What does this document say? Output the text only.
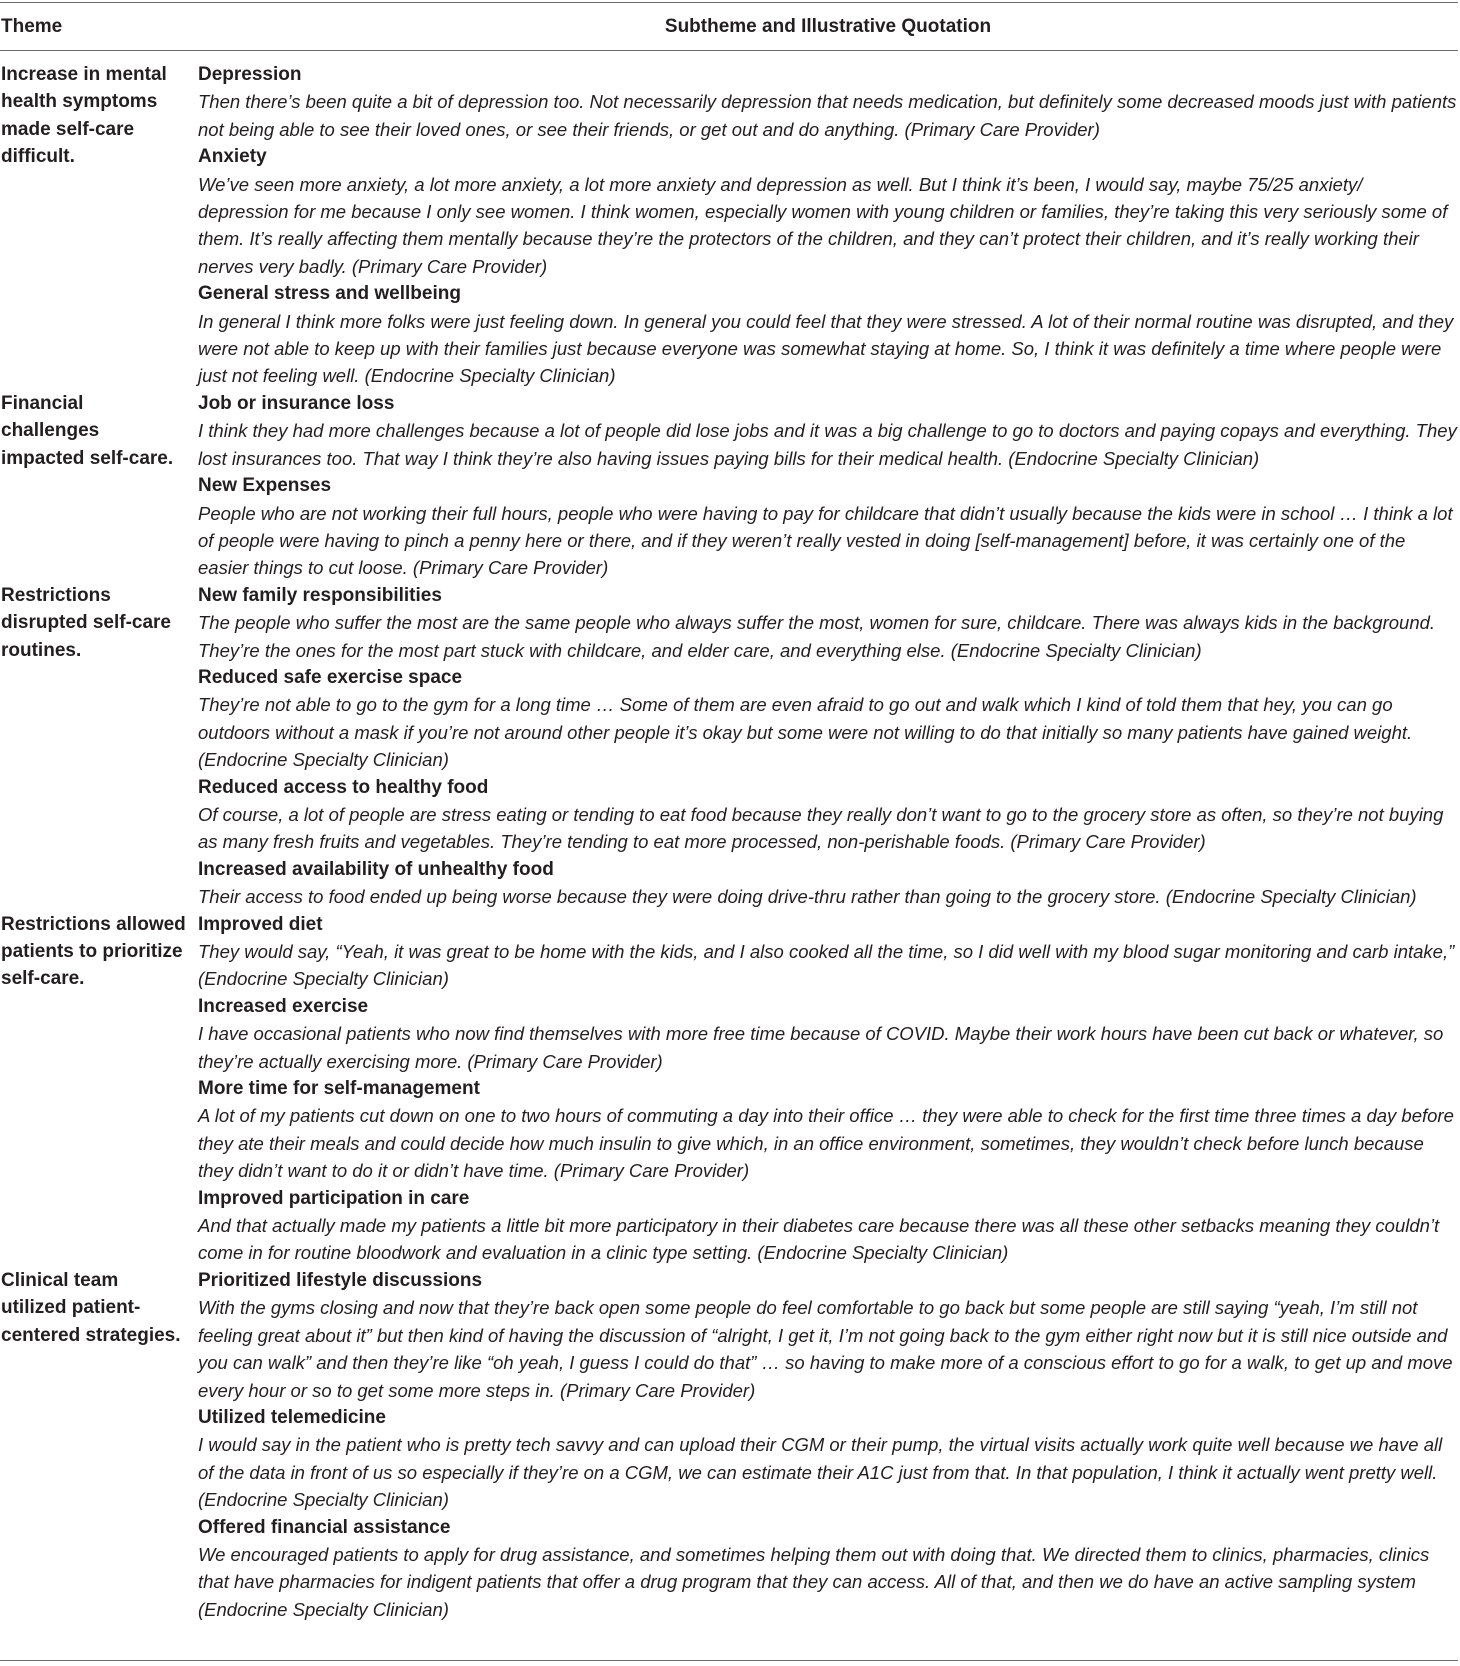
Theme	Subtheme and Illustrative Quotation
Increase in mental health symptoms made self-care difficult.
Depression
Then there’s been quite a bit of depression too. Not necessarily depression that needs medication, but definitely some decreased moods just with patients not being able to see their loved ones, or see their friends, or get out and do anything. (Primary Care Provider)
Anxiety
We’ve seen more anxiety, a lot more anxiety, a lot more anxiety and depression as well. But I think it’s been, I would say, maybe 75/25 anxiety/ depression for me because I only see women. I think women, especially women with young children or families, they’re taking this very seriously some of them. It’s really affecting them mentally because they’re the protectors of the children, and they can’t protect their children, and it’s really working their nerves very badly. (Primary Care Provider)
General stress and wellbeing
In general I think more folks were just feeling down. In general you could feel that they were stressed. A lot of their normal routine was disrupted, and they were not able to keep up with their families just because everyone was somewhat staying at home. So, I think it was definitely a time where people were just not feeling well. (Endocrine Specialty Clinician)
Financial challenges impacted self-care.
Job or insurance loss
I think they had more challenges because a lot of people did lose jobs and it was a big challenge to go to doctors and paying copays and everything. They lost insurances too. That way I think they’re also having issues paying bills for their medical health. (Endocrine Specialty Clinician)
New Expenses
People who are not working their full hours, people who were having to pay for childcare that didn’t usually because the kids were in school … I think a lot of people were having to pinch a penny here or there, and if they weren’t really vested in doing [self-management] before, it was certainly one of the easier things to cut loose. (Primary Care Provider)
Restrictions disrupted self-care routines.
New family responsibilities
The people who suffer the most are the same people who always suffer the most, women for sure, childcare. There was always kids in the background. They’re the ones for the most part stuck with childcare, and elder care, and everything else. (Endocrine Specialty Clinician)
Reduced safe exercise space
They’re not able to go to the gym for a long time … Some of them are even afraid to go out and walk which I kind of told them that hey, you can go outdoors without a mask if you’re not around other people it’s okay but some were not willing to do that initially so many patients have gained weight. (Endocrine Specialty Clinician)
Reduced access to healthy food
Of course, a lot of people are stress eating or tending to eat food because they really don’t want to go to the grocery store as often, so they’re not buying as many fresh fruits and vegetables. They’re tending to eat more processed, non-perishable foods. (Primary Care Provider)
Increased availability of unhealthy food
Their access to food ended up being worse because they were doing drive-thru rather than going to the grocery store. (Endocrine Specialty Clinician)
Restrictions allowed patients to prioritize self-care.
Improved diet
They would say, “Yeah, it was great to be home with the kids, and I also cooked all the time, so I did well with my blood sugar monitoring and carb intake,” (Endocrine Specialty Clinician)
Increased exercise
I have occasional patients who now find themselves with more free time because of COVID. Maybe their work hours have been cut back or whatever, so they’re actually exercising more. (Primary Care Provider)
More time for self-management
A lot of my patients cut down on one to two hours of commuting a day into their office … they were able to check for the first time three times a day before they ate their meals and could decide how much insulin to give which, in an office environment, sometimes, they wouldn’t check before lunch because they didn’t want to do it or didn’t have time. (Primary Care Provider)
Improved participation in care
And that actually made my patients a little bit more participatory in their diabetes care because there was all these other setbacks meaning they couldn’t come in for routine bloodwork and evaluation in a clinic type setting. (Endocrine Specialty Clinician)
Clinical team utilized patient-centered strategies.
Prioritized lifestyle discussions
With the gyms closing and now that they’re back open some people do feel comfortable to go back but some people are still saying “yeah, I’m still not feeling great about it” but then kind of having the discussion of “alright, I get it, I’m not going back to the gym either right now but it is still nice outside and you can walk” and then they’re like “oh yeah, I guess I could do that” … so having to make more of a conscious effort to go for a walk, to get up and move every hour or so to get some more steps in. (Primary Care Provider)
Utilized telemedicine
I would say in the patient who is pretty tech savvy and can upload their CGM or their pump, the virtual visits actually work quite well because we have all of the data in front of us so especially if they’re on a CGM, we can estimate their A1C just from that. In that population, I think it actually went pretty well. (Endocrine Specialty Clinician)
Offered financial assistance
We encouraged patients to apply for drug assistance, and sometimes helping them out with doing that. We directed them to clinics, pharmacies, clinics that have pharmacies for indigent patients that offer a drug program that they can access. All of that, and then we do have an active sampling system (Endocrine Specialty Clinician)
